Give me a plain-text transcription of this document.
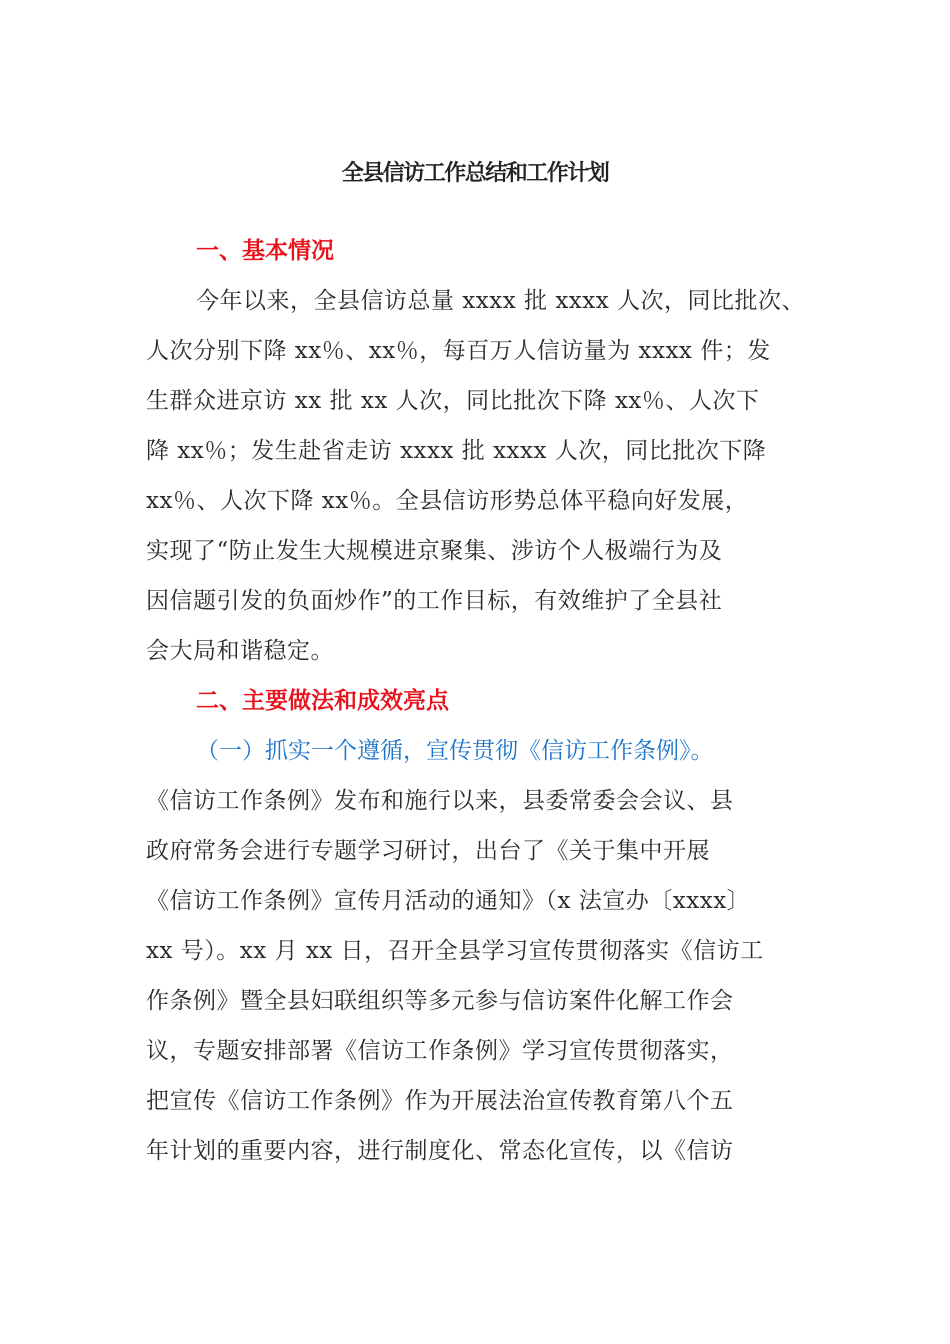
全县信访工作总结和工作计划
一、基本情况
今年以来，全县信访总量 xxxx 批 xxxx 人次，同比批次、
人次分别下降 xx％、xx％，每百万人信访量为 xxxx 件；发
生群众进京访 xx 批 xx 人次，同比批次下降 xx％、人次下
降 xx％；发生赴省走访 xxxx 批 xxxx 人次，同比批次下降
xx％、人次下降 xx％。全县信访形势总体平稳向好发展，
实现了“防止发生大规模进京聚集、涉访个人极端行为及
因信题引发的负面炒作”的工作目标，有效维护了全县社
会大局和谐稳定。
二、主要做法和成效亮点
（一）抓实一个遵循，宣传贯彻《信访工作条例》。
《信访工作条例》发布和施行以来，县委常委会会议、县
政府常务会进行专题学习研讨，出台了《关于集中开展
《信访工作条例》宣传月活动的通知》（x 法宣办〔xxxx〕
xx 号）。xx 月 xx 日，召开全县学习宣传贯彻落实《信访工
作条例》暨全县妇联组织等多元参与信访案件化解工作会
议，专题安排部署《信访工作条例》学习宣传贯彻落实，
把宣传《信访工作条例》作为开展法治宣传教育第八个五
年计划的重要内容，进行制度化、常态化宣传，以《信访
